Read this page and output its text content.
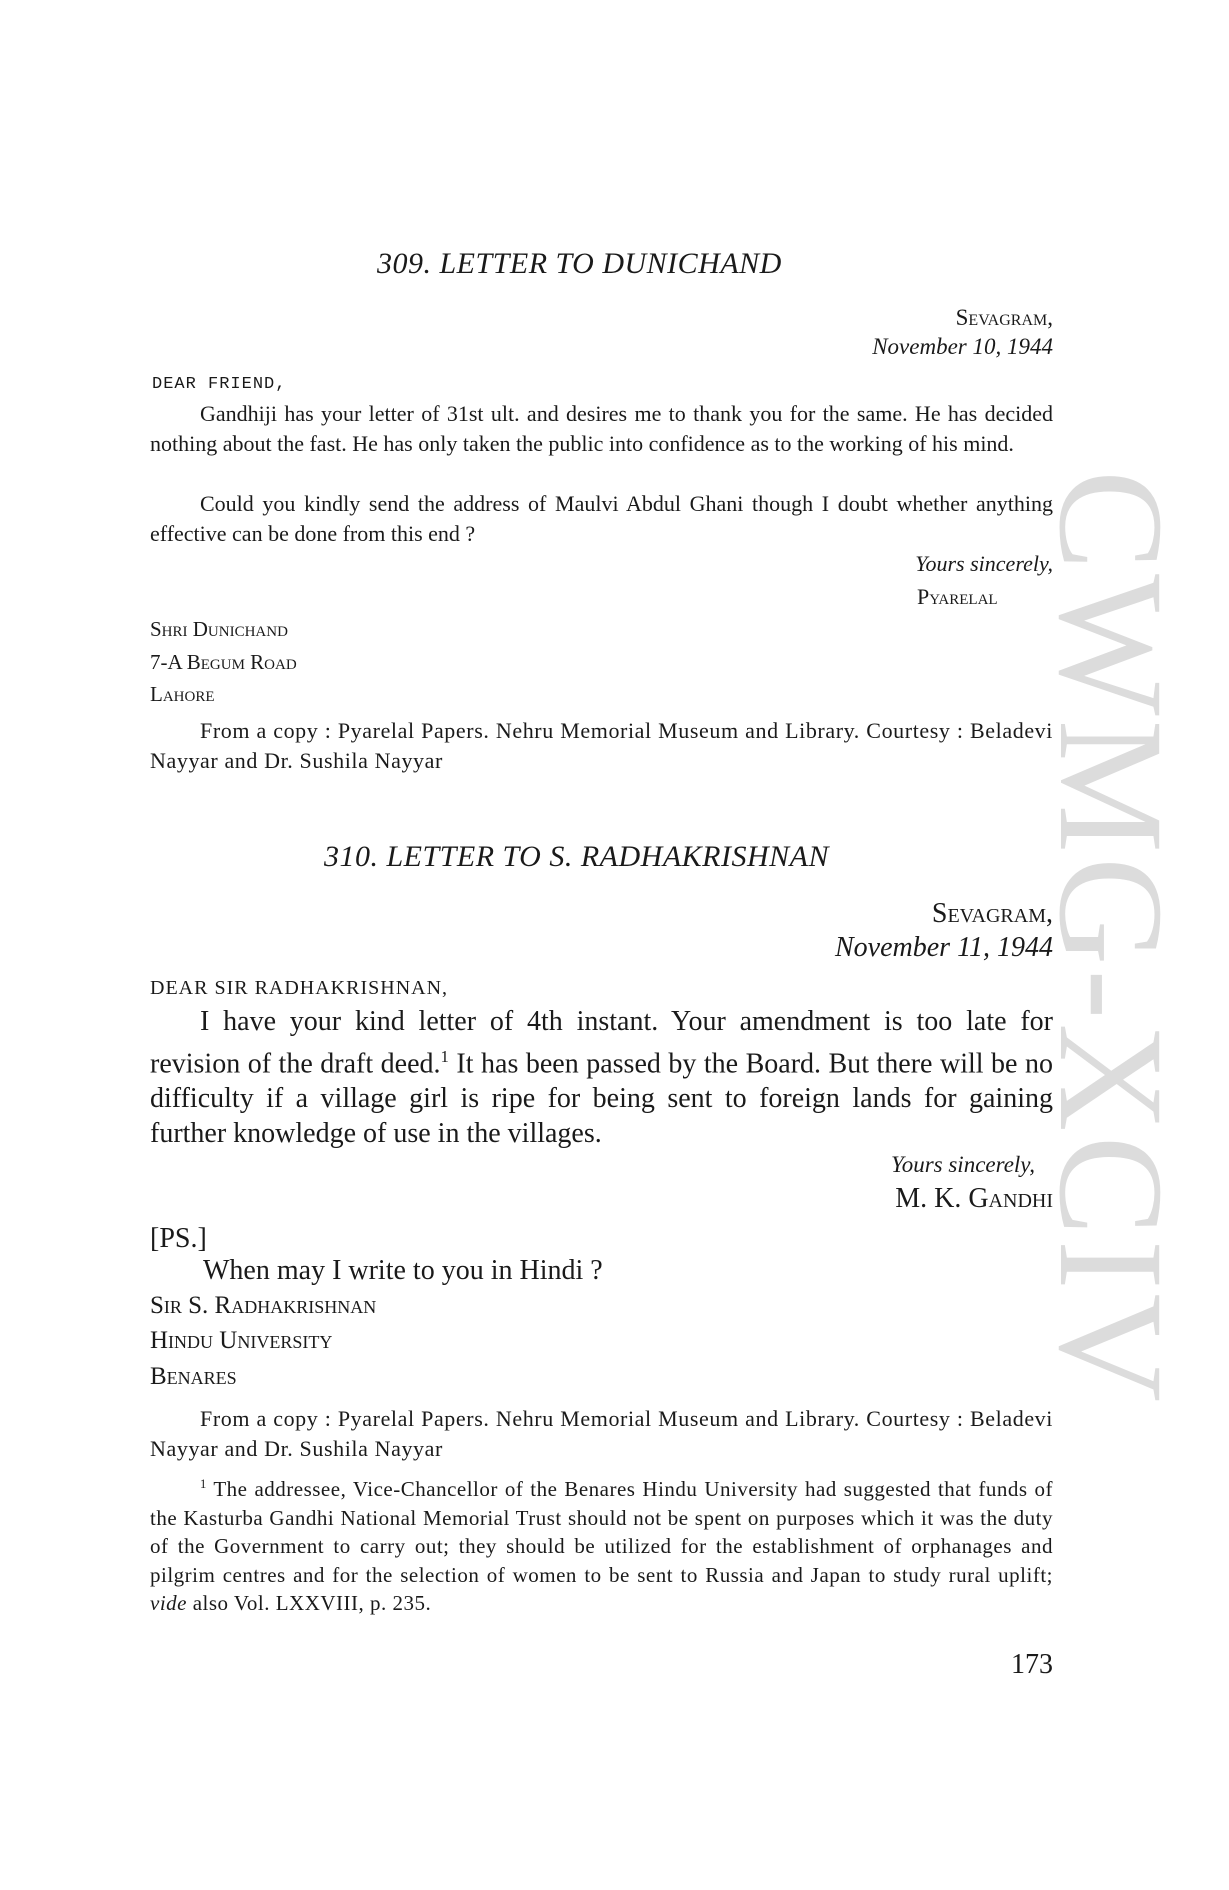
CWMG-XCIV
309. LETTER TO DUNICHAND
Sevagram,
November 10, 1944
DEAR FRIEND,
Gandhiji has your letter of 31st ult. and desires me to thank you for the same. He has decided nothing about the fast. He has only taken the public into confidence as to the working of his mind.
Could you kindly send the address of Maulvi Abdul Ghani though I doubt whether anything effective can be done from this end ?
Yours sincerely,
Pyarelal
Shri Dunichand
7-A Begum Road
Lahore
From a copy : Pyarelal Papers. Nehru Memorial Museum and Library. Courtesy : Beladevi Nayyar and Dr. Sushila Nayyar
310. LETTER TO S. RADHAKRISHNAN
Sevagram,
November 11, 1944
DEAR SIR RADHAKRISHNAN,
I have your kind letter of 4th instant. Your amendment is too late for revision of the draft deed.$^1$ It has been passed by the Board. But there will be no difficulty if a village girl is ripe for being sent to foreign lands for gaining further knowledge of use in the villages.
Yours sincerely,
M. K. Gandhi
[PS.]
When may I write to you in Hindi ?
Sir S. Radhakrishnan
Hindu University
Benares
From a copy : Pyarelal Papers. Nehru Memorial Museum and Library. Courtesy : Beladevi Nayyar and Dr. Sushila Nayyar
$^1$ The addressee, Vice-Chancellor of the Benares Hindu University had suggested that funds of the Kasturba Gandhi National Memorial Trust should not be spent on purposes which it was the duty of the Government to carry out; they should be utilized for the establishment of orphanages and pilgrim centres and for the selection of women to be sent to Russia and Japan to study rural uplift; vide also Vol. LXXVIII, p. 235.
173
